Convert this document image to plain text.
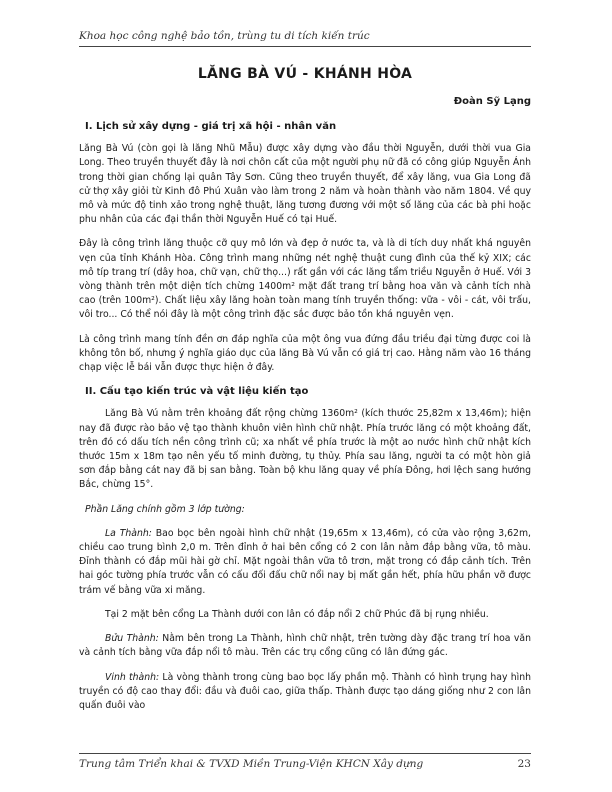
Khoa học công nghệ bảo tồn, trùng tu di tích kiến trúc
LĂNG BÀ VÚ - KHÁNH HÒA
Đoàn Sỹ Lạng
I. Lịch sử xây dựng - giá trị xã hội - nhân văn

Lăng Bà Vú (còn gọi là lăng Nhũ Mẫu) được xây dựng vào đầu thời Nguyễn, dưới thời vua Gia Long. Theo truyền thuyết đây là nơi chôn cất của một người phụ nữ đã có công giúp Nguyễn Ánh trong thời gian chống lại quân Tây Sơn. Cũng theo truyền thuyết, để xây lăng, vua Gia Long đã cử thợ xây giỏi từ Kinh đô Phú Xuân vào làm trong 2 năm và hoàn thành vào năm 1804. Về quy mô và mức độ tinh xảo trong nghệ thuật, lăng tương đương với một số lăng của các bà phi hoặc phu nhân của các đại thần thời Nguyễn Huế có tại Huế.

Đây là công trình lăng thuộc cỡ quy mô lớn và đẹp ở nước ta, và là di tích duy nhất khá nguyên vẹn của tỉnh Khánh Hòa. Công trình mang những nét nghệ thuật cung đình của thế kỷ XIX; các mô típ trang trí (dây hoa, chữ vạn, chữ thọ...) rất gần với các lăng tẩm triều Nguyễn ở Huế. Với 3 vòng thành trên một diện tích chừng 1400m² mặt đất trang trí bằng hoa văn và cảnh tích nhà cao (trên 100m²). Chất liệu xây lăng hoàn toàn mang tính truyền thống: vữa - vôi - cát, vôi trấu, vôi tro... Có thể nói đây là một công trình đặc sắc được bảo tồn khá nguyên vẹn.

Là công trình mang tính đền ơn đáp nghĩa của một ông vua đứng đầu triều đại từng được coi là không tôn bố, nhưng ý nghĩa giáo dục của lăng Bà Vú vẫn có giá trị cao. Hằng năm vào 16 tháng chạp việc lễ bái vẫn được thực hiện ở đây.

II. Cấu tạo kiến trúc và vật liệu kiến tạo

Lăng Bà Vú nằm trên khoảng đất rộng chừng 1360m² (kích thước 25,82m x 13,46m); hiện nay đã được rào bảo vệ tạo thành khuôn viên hình chữ nhật. Phía trước lăng có một khoảng đất, trên đó có dấu tích nền công trình cũ; xa nhất về phía trước là một ao nước hình chữ nhật kích thước 15m x 18m tạo nên yếu tố minh đường, tụ thủy. Phía sau lăng, người ta có một hòn giả sơn đắp bằng cát nay đã bị san bằng. Toàn bộ khu lăng quay về phía Đông, hơi lệch sang hướng Bắc, chừng 15°.

Phần Lăng chính gồm 3 lớp tường:

La Thành: Bao bọc bên ngoài hình chữ nhật (19,65m x 13,46m), có cửa vào rộng 3,62m, chiều cao trung bình 2,0 m. Trên đỉnh ở hai bên cổng có 2 con lân nằm đắp bằng vữa, tô màu. Đỉnh thành có đắp mũi hài gờ chỉ. Mặt ngoài thân vữa tô trơn, mặt trong có đắp cảnh tích. Trên hai góc tường phía trước vẫn có cấu đối đấu chữ nổi nay bị mất gần hết, phía hữu phần vỡ được trám vế bằng vữa xi măng.

Tại 2 mặt bên cổng La Thành dưới con lân có đắp nổi 2 chữ Phúc đã bị rụng nhiều.

Bửu Thành: Nằm bên trong La Thành, hình chữ nhật, trên tường dày đặc trang trí hoa văn và cảnh tích bằng vữa đắp nổi tô màu. Trên các trụ cổng cũng có lân đứng gác.

Vinh thành: Là vòng thành trong cùng bao bọc lấy phần mộ. Thành có hình trụng hay hình truyền có độ cao thay đổi: đầu và đuôi cao, giữa thấp. Thành được tạo dáng giống như 2 con lân quấn đuôi vào

Trung tâm Triển khai & TVXD Miền Trung-Viện KHCN Xây dựng	23
